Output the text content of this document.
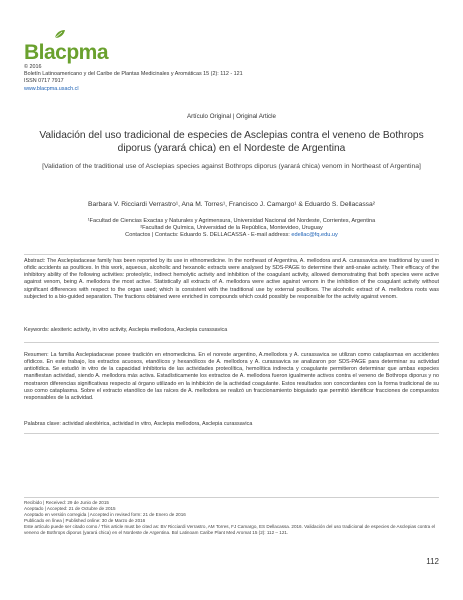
Blacpma
© 2016
Boletín Latinoamericano y del Caribe de Plantas Medicinales y Aromáticas 15 (2): 112 - 121
ISSN 0717 7917
www.blacpma.usach.cl
Artículo Original | Original Article
Validación del uso tradicional de especies de Asclepias contra el veneno de Bothrops diporus (yarará chica) en el Nordeste de Argentina
[Validation of the traditional use of Asclepias species against Bothrops diporus (yarará chica) venom in Northeast of Argentina]
Barbara V. Ricciardi Verrastro¹, Ana M. Torres¹, Francisco J. Camargo¹ & Eduardo S. Dellacassa²
¹Facultad de Ciencias Exactas y Naturales y Agrimensura, Universidad Nacional del Nordeste, Corrientes, Argentina
²Facultad de Química, Universidad de la República, Montevideo, Uruguay
Contactos | Contacts: Eduardo S. DELLACASSA - E-mail address: edellac@fq.edu.uy
Abstract: The Asclepiadaceae family has been reported by its use in ethnomedicine. In the northeast of Argentina, A. mellodora and A. curassavica are traditional by used in ofidic accidents as poultices. In this work, aqueous, alcoholic and hexanolic extracts were analysed by SDS-PAGE to determine their anti-snake activity. Their efficacy of the inhibitory ability of the following activities: proteolytic, indirect hemolytic activity and inhibition of the coagulant activity, allowed demonstrating that both species were active against venom, being A. mellodora the most active. Statistically all extracts of A. mellodora were active against venom in the inhibition of the coagulant activity without significant differences with respect to the organ used; which is consistent with the traditional use by external poultices. The alcoholic extract of A. mellodora roots was subjected to a bio-guided separation. The fractions obtained were enriched in compounds which could possibly be responsible for the activity against venom.
Keywords: alexiteric activity, in vitro activity, Asclepia mellodora, Asclepia curassavica
Resumen: La familia Asclepiadaceae posee tradición en etnomedicina. En el noreste argentino, A.mellodora y A. curassavica se utilizan como cataplasmas en accidentes ofídicos. En este trabajo, los extractos acuosos, etanólicos y hexanólicos de A. mellodora y A. curassavica se analizaron por SDS-PAGE para determinar su actividad antiofídica. Se estudió in vitro de la capacidad inhibitoria de las actividades proteolítica, hemolítica indirecta y coagulante permitieron determinar que ambas especies manifiestan actividad, siendo A. mellodora más activa. Estadísticamente los extractos de A. mellodora fueron igualmente activos contra el veneno de Bothrops diporus y no mostraron diferencias significativas respecto al órgano utilizado en la inhibición de la actividad coagulante. Estos resultados son concordantes con la forma tradicional de su uso como cataplasma. Sobre el extracto etanólico de las raíces de A. mellodora se realizó un fraccionamiento bioguiado que permitió identificar fracciones de compuestos responsables de la actividad.
Palabras clave: actividad alexitérica, actividad in vitro, Asclepia mellodora, Asclepia curassavica
Recibido | Received: 29 de Junio de 2015
Aceptado | Accepted: 21 de Octubre de 2015
Aceptado en versión corregida | Accepted in revised form: 21 de Enero de 2016
Publicado en línea | Published online: 30 de Marzo de 2016
Este artículo puede ser citado como / This article must be cited as: BV Ricciardi Verrastro, AM Torres, FJ Camargo, ES Dellacassa. 2016. Validación del uso tradicional de especies de Asclepias contra el veneno de Bothrops diporus (yarará chica) en el Nordeste de Argentina. Bol Latinoam Caribe Plant Med Aromat 15 (2): 112 – 121.
112
